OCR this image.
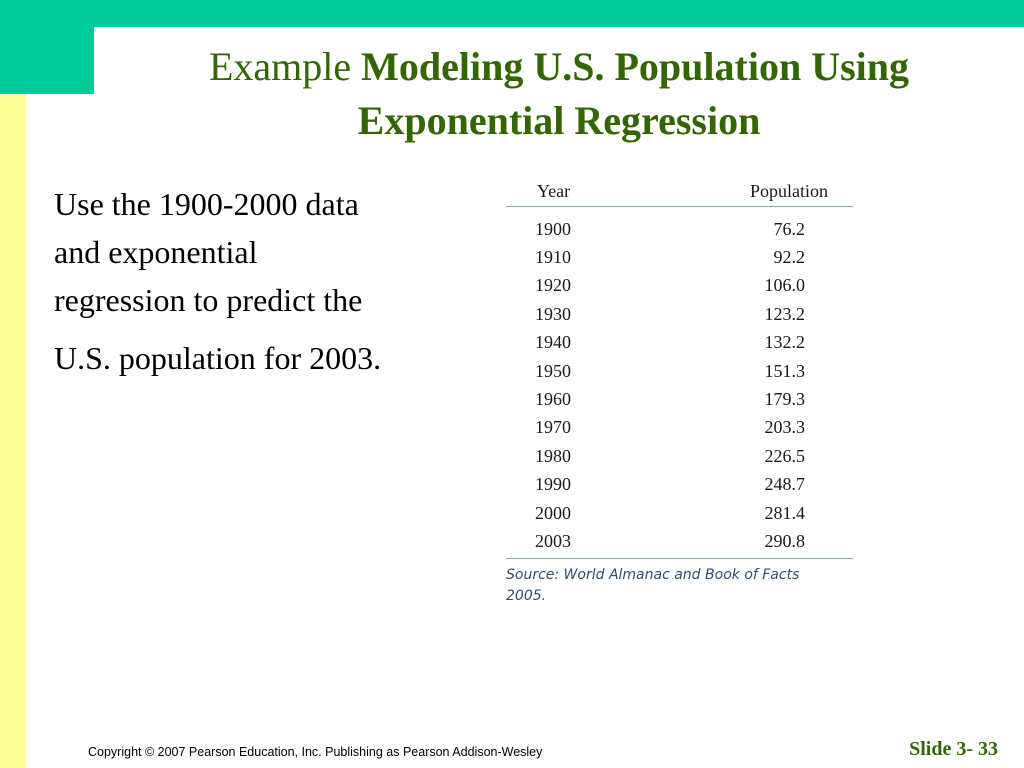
Example Modeling U.S. Population Using
Exponential Regression

Use the 1900-2000 data
and exponential
regression to predict the
U.S. population for 2003.

Year	Population
1900	76.2
1910	92.2
1920	106.0
1930	123.2
1940	132.2
1950	151.3
1960	179.3
1970	203.3
1980	226.5
1990	248.7
2000	281.4
2003	290.8

Source: World Almanac and Book of Facts
2005.

Copyright © 2007 Pearson Education, Inc. Publishing as Pearson Addison-Wesley	Slide 3- 33
